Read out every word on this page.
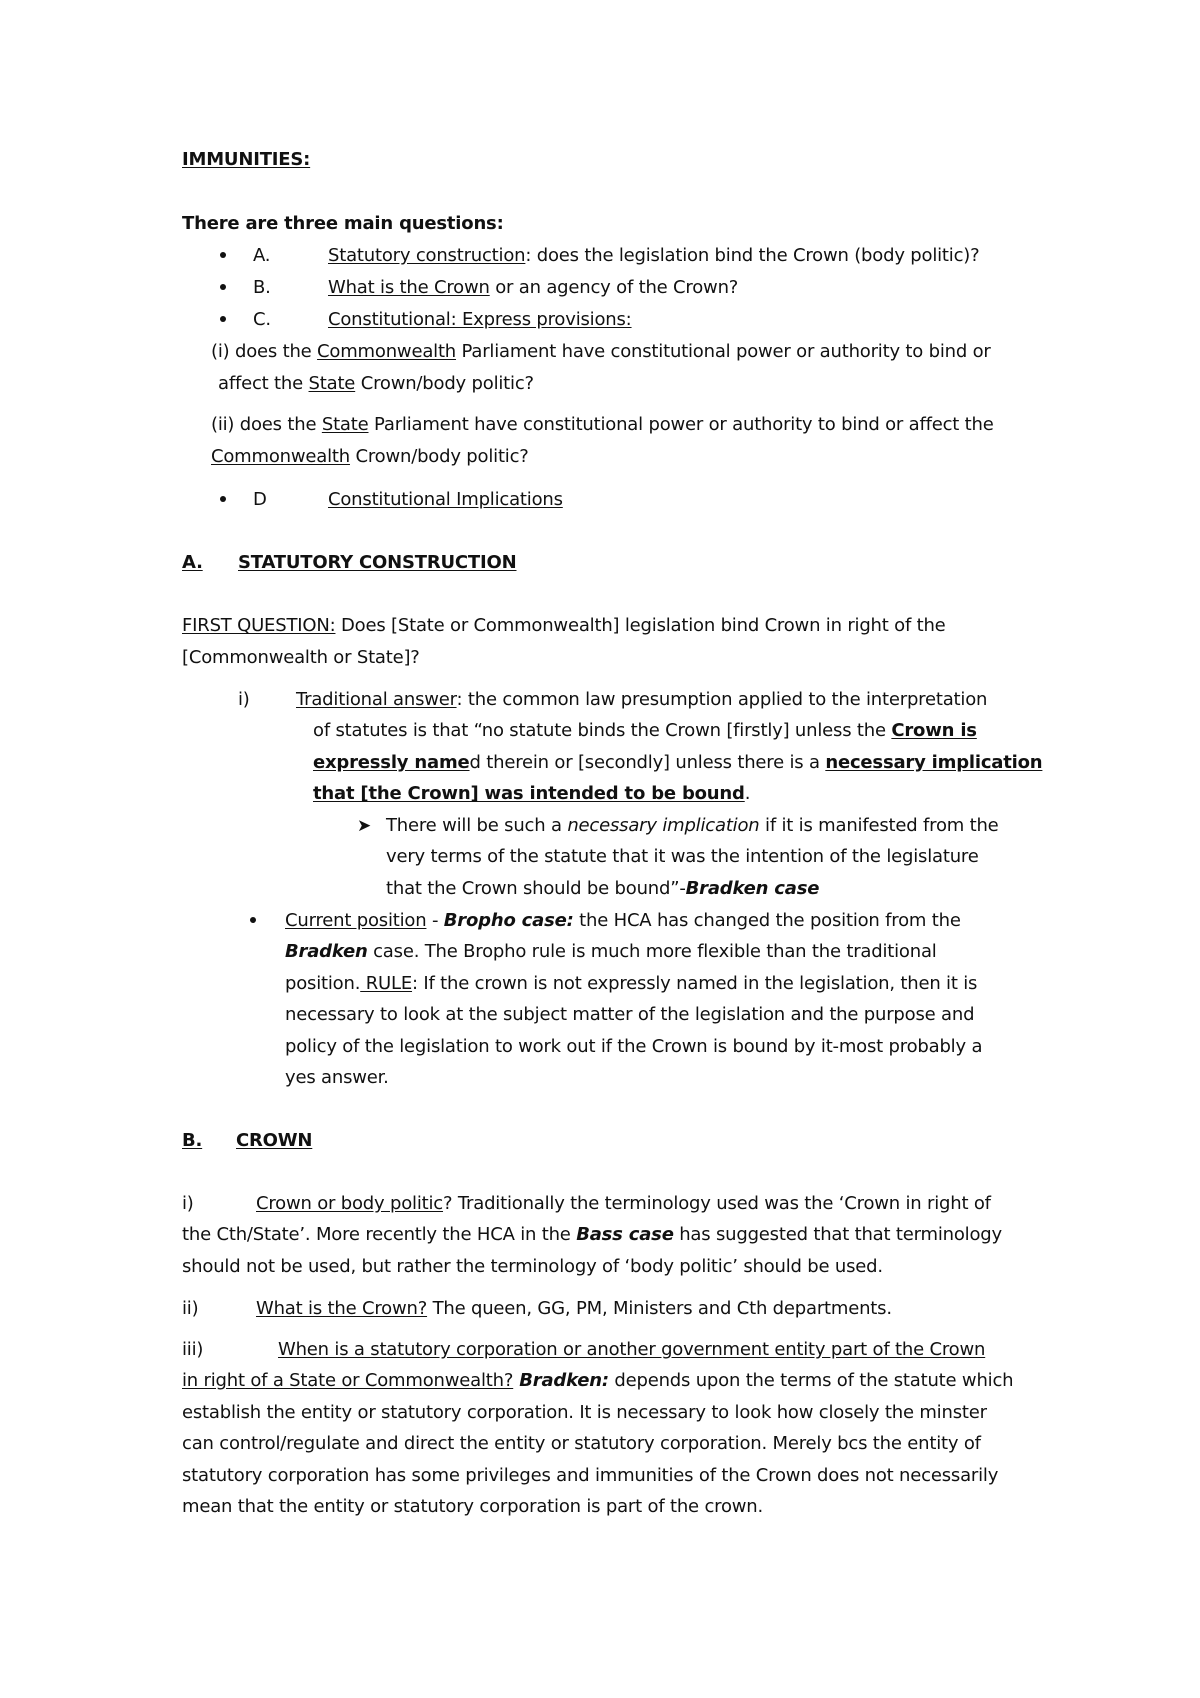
IMMUNITIES:
There are three main questions:
A.	Statutory construction: does the legislation bind the Crown (body politic)?
B.	What is the Crown or an agency of the Crown?
C.	Constitutional: Express provisions:
(i) does the Commonwealth Parliament have constitutional power or authority to bind or
affect the State Crown/body politic?
(ii) does the State Parliament have constitutional power or authority to bind or affect the
Commonwealth Crown/body politic?
D	Constitutional Implications
A. STATUTORY CONSTRUCTION
FIRST QUESTION: Does [State or Commonwealth] legislation bind Crown in right of the
[Commonwealth or State]?
i)	Traditional answer: the common law presumption applied to the interpretation
of statutes is that “no statute binds the Crown [firstly] unless the Crown is
expressly named therein or [secondly] unless there is a necessary implication
that [the Crown] was intended to be bound.
➤ There will be such a necessary implication if it is manifested from the
very terms of the statute that it was the intention of the legislature
that the Crown should be bound”-Bradken case
Current position - Bropho case: the HCA has changed the position from the
Bradken case. The Bropho rule is much more flexible than the traditional
position. RULE: If the crown is not expressly named in the legislation, then it is
necessary to look at the subject matter of the legislation and the purpose and
policy of the legislation to work out if the Crown is bound by it-most probably a
yes answer.
B. CROWN
i)	Crown or body politic? Traditionally the terminology used was the ‘Crown in right of
the Cth/State’. More recently the HCA in the Bass case has suggested that that terminology
should not be used, but rather the terminology of ‘body politic’ should be used.
ii)	What is the Crown? The queen, GG, PM, Ministers and Cth departments.
iii)	When is a statutory corporation or another government entity part of the Crown
in right of a State or Commonwealth? Bradken: depends upon the terms of the statute which
establish the entity or statutory corporation. It is necessary to look how closely the minster
can control/regulate and direct the entity or statutory corporation. Merely bcs the entity of
statutory corporation has some privileges and immunities of the Crown does not necessarily
mean that the entity or statutory corporation is part of the crown.
